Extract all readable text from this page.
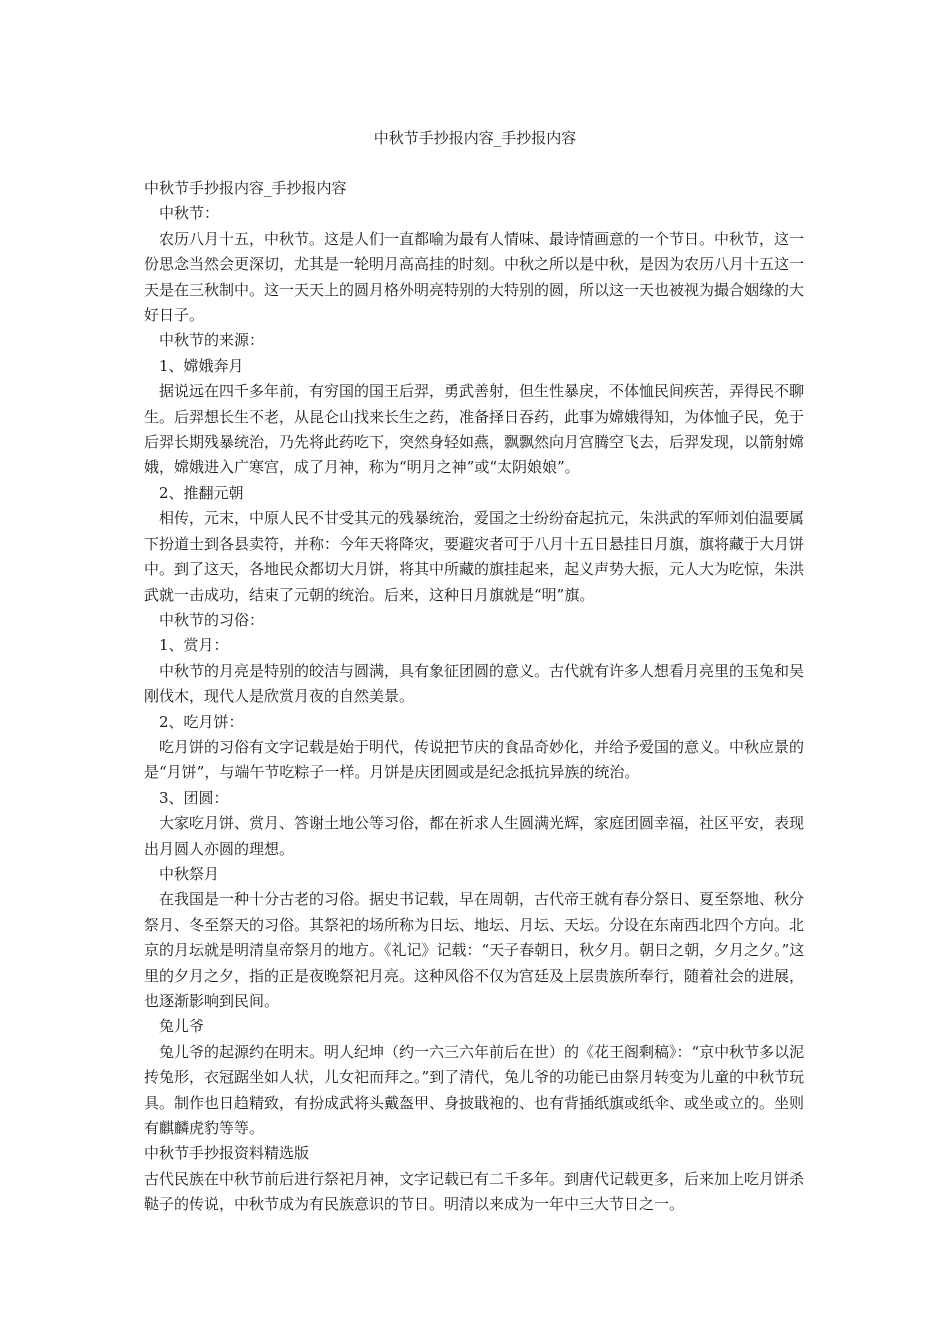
中秋节手抄报内容_手抄报内容

中秋节手抄报内容_手抄报内容

中秋节：

农历八月十五，中秋节。这是人们一直都喻为最有人情味、最诗情画意的一个节日。中秋节，这一份思念当然会更深切，尤其是一轮明月高高挂的时刻。中秋之所以是中秋，是因为农历八月十五这一天是在三秋制中。这一天天上的圆月格外明亮特别的大特别的圆，所以这一天也被视为撮合姻缘的大好日子。

中秋节的来源：

1、嫦娥奔月

据说远在四千多年前，有穷国的国王后羿，勇武善射，但生性暴戾，不体恤民间疾苦，弄得民不聊生。后羿想长生不老，从昆仑山找来长生之药，准备择日吞药，此事为嫦娥得知，为体恤子民，免于后羿长期残暴统治，乃先将此药吃下，突然身轻如燕，飘飘然向月宫腾空飞去，后羿发现，以箭射嫦娥，嫦娥进入广寒宫，成了月神，称为“明月之神”或“太阴娘娘”。

2、推翻元朝

相传，元末，中原人民不甘受其元的残暴统治，爱国之士纷纷奋起抗元，朱洪武的军师刘伯温要属下扮道士到各县卖符，并称：今年天将降灾，要避灾者可于八月十五日悬挂日月旗，旗将藏于大月饼中。到了这天，各地民众都切大月饼，将其中所藏的旗挂起来，起义声势大振，元人大为吃惊，朱洪武就一击成功，结束了元朝的统治。后来，这种日月旗就是“明”旗。

中秋节的习俗：

1、赏月：

中秋节的月亮是特别的皎洁与圆满，具有象征团圆的意义。古代就有许多人想看月亮里的玉兔和吴刚伐木，现代人是欣赏月夜的自然美景。

2、吃月饼：

吃月饼的习俗有文字记载是始于明代，传说把节庆的食品奇妙化，并给予爱国的意义。中秋应景的是“月饼”，与端午节吃粽子一样。月饼是庆团圆或是纪念抵抗异族的统治。

3、团圆：

大家吃月饼、赏月、答谢土地公等习俗，都在祈求人生圆满光辉，家庭团圆幸福，社区平安，表现出月圆人亦圆的理想。

中秋祭月

在我国是一种十分古老的习俗。据史书记载，早在周朝，古代帝王就有春分祭日、夏至祭地、秋分祭月、冬至祭天的习俗。其祭祀的场所称为日坛、地坛、月坛、天坛。分设在东南西北四个方向。北京的月坛就是明清皇帝祭月的地方。《礼记》记载：“天子春朝日，秋夕月。朝日之朝，夕月之夕。”这里的夕月之夕，指的正是夜晚祭祀月亮。这种风俗不仅为宫廷及上层贵族所奉行，随着社会的进展，也逐渐影响到民间。

兔儿爷

兔儿爷的起源约在明末。明人纪坤（约一六三六年前后在世）的《花王阁剩稿》：“京中秋节多以泥抟兔形，衣冠踞坐如人状，儿女祀而拜之。”到了清代，兔儿爷的功能已由祭月转变为儿童的中秋节玩具。制作也日趋精致，有扮成武将头戴盔甲、身披戢袍的、也有背插纸旗或纸伞、或坐或立的。坐则有麒麟虎豹等等。

中秋节手抄报资料精选版

古代民族在中秋节前后进行祭祀月神，文字记载已有二千多年。到唐代记载更多，后来加上吃月饼杀鞑子的传说，中秋节成为有民族意识的节日。明清以来成为一年中三大节日之一。
